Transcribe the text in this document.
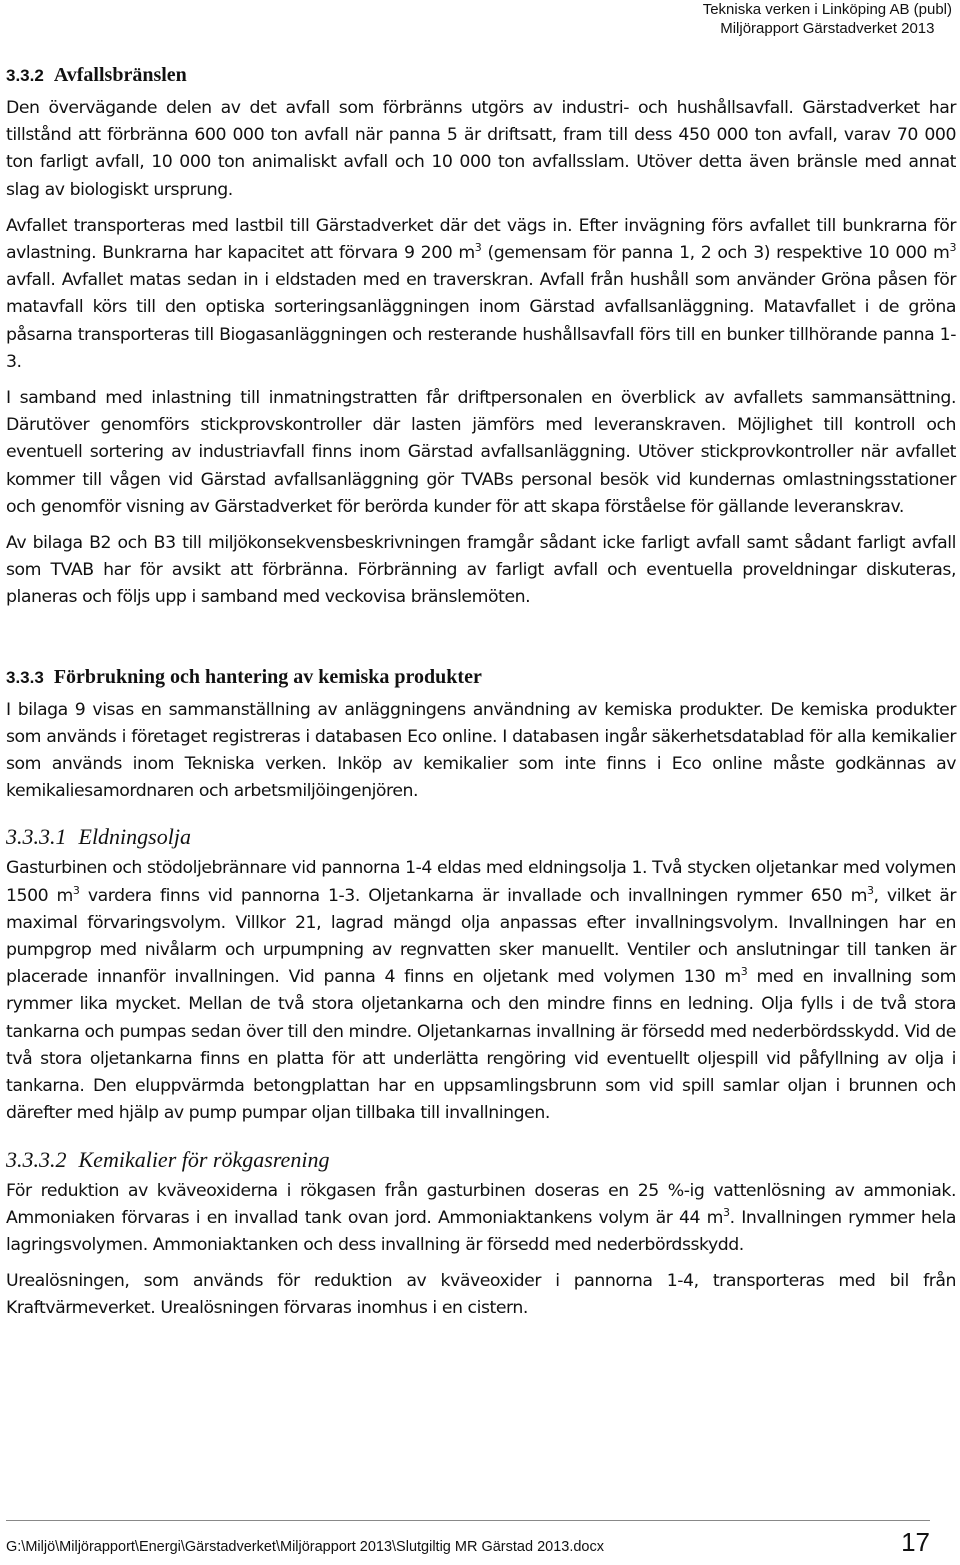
Tekniska verken i Linköping AB (publ)
Miljörapport Gärstadverket 2013
3.3.2 Avfallsbränslen

Den övervägande delen av det avfall som förbränns utgörs av industri- och hushållsavfall. Gärstadverket har tillstånd att förbränna 600 000 ton avfall när panna 5 är driftsatt, fram till dess 450 000 ton avfall, varav 70 000 ton farligt avfall, 10 000 ton animaliskt avfall och 10 000 ton avfallsslam. Utöver detta även bränsle med annat slag av biologiskt ursprung.

Avfallet transporteras med lastbil till Gärstadverket där det vägs in. Efter invägning förs avfallet till bunkrarna för avlastning. Bunkrarna har kapacitet att förvara 9 200 $m^3$ (gemensam för panna 1, 2 och 3) respektive 10 000 $m^3$ avfall. Avfallet matas sedan in i eldstaden med en traverskran. Avfall från hushåll som använder Gröna påsen för matavfall körs till den optiska sorteringsanläggningen inom Gärstad avfallsanläggning. Matavfallet i de gröna påsarna transporteras till Biogasanläggningen och resterande hushållsavfall förs till en bunker tillhörande panna 1-3.

I samband med inlastning till inmatningstratten får driftpersonalen en överblick av avfallets sammansättning. Därutöver genomförs stickprovskontroller där lasten jämförs med leveranskraven. Möjlighet till kontroll och eventuell sortering av industriavfall finns inom Gärstad avfallsanläggning. Utöver stickprovkontroller när avfallet kommer till vågen vid Gärstad avfallsanläggning gör TVABs personal besök vid kundernas omlastningsstationer och genomför visning av Gärstadverket för berörda kunder för att skapa förståelse för gällande leveranskrav.

Av bilaga B2 och B3 till miljökonsekvensbeskrivningen framgår sådant icke farligt avfall samt sådant farligt avfall som TVAB har för avsikt att förbränna. Förbränning av farligt avfall och eventuella proveldningar diskuteras, planeras och följs upp i samband med veckovisa bränslemöten.

3.3.3 Förbrukning och hantering av kemiska produkter

I bilaga 9 visas en sammanställning av anläggningens användning av kemiska produkter. De kemiska produkter som används i företaget registreras i databasen Eco online. I databasen ingår säkerhetsdatablad för alla kemikalier som används inom Tekniska verken. Inköp av kemikalier som inte finns i Eco online måste godkännas av kemikaliesamordnaren och arbetsmiljöingenjören.

3.3.3.1 Eldningsolja

Gasturbinen och stödoljebrännare vid pannorna 1-4 eldas med eldningsolja 1. Två stycken oljetankar med volymen 1500 $m^3$ vardera finns vid pannorna 1-3. Oljetankarna är invallade och invallningen rymmer 650 $m^3$, vilket är maximal förvaringsvolym. Villkor 21, lagrad mängd olja anpassas efter invallningsvolym. Invallningen har en pumpgrop med nivålarm och urpumpning av regnvatten sker manuellt. Ventiler och anslutningar till tanken är placerade innanför invallningen. Vid panna 4 finns en oljetank med volymen 130 $m^3$ med en invallning som rymmer lika mycket. Mellan de två stora oljetankarna och den mindre finns en ledning. Olja fylls i de två stora tankarna och pumpas sedan över till den mindre. Oljetankarnas invallning är försedd med nederbördsskydd. Vid de två stora oljetankarna finns en platta för att underlätta rengöring vid eventuellt oljespill vid påfyllning av olja i tankarna. Den eluppvärmda betongplattan har en uppsamlingsbrunn som vid spill samlar oljan i brunnen och därefter med hjälp av pump pumpar oljan tillbaka till invallningen.

3.3.3.2 Kemikalier för rökgasrening

För reduktion av kväveoxiderna i rökgasen från gasturbinen doseras en 25 %-ig vattenlösning av ammoniak. Ammoniaken förvaras i en invallad tank ovan jord. Ammoniaktankens volym är 44 $m^3$. Invallningen rymmer hela lagringsvolymen. Ammoniaktanken och dess invallning är försedd med nederbördsskydd.

Urealösningen, som används för reduktion av kväveoxider i pannorna 1-4, transporteras med bil från Kraftvärmeverket. Urealösningen förvaras inomhus i en cistern.

G:\Miljö\Miljörapport\Energi\Gärstadverket\Miljörapport 2013\Slutgiltig MR Gärstad 2013.docx	17
